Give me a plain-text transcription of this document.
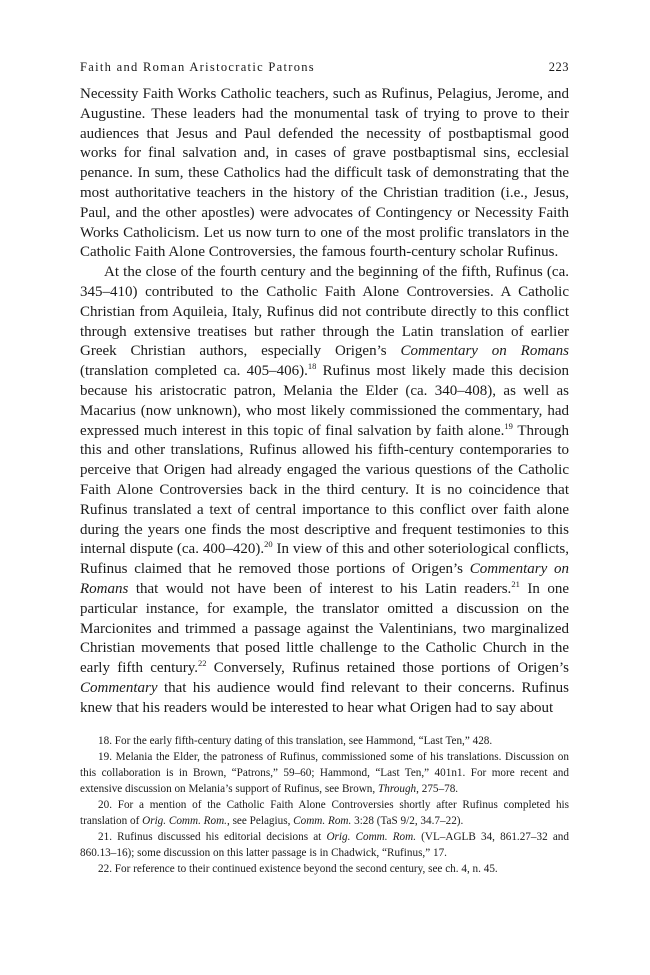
Faith and Roman Aristocratic Patrons	223

Necessity Faith Works Catholic teachers, such as Rufinus, Pelagius, Jerome, and Augustine. These leaders had the monumental task of trying to prove to their audiences that Jesus and Paul defended the necessity of postbaptismal good works for final salvation and, in cases of grave postbaptismal sins, ecclesial penance. In sum, these Catholics had the difficult task of demonstrating that the most authoritative teachers in the history of the Christian tradition (i.e., Jesus, Paul, and the other apostles) were advocates of Contingency or Necessity Faith Works Catholicism. Let us now turn to one of the most prolific translators in the Catholic Faith Alone Controversies, the famous fourth-century scholar Rufinus.

At the close of the fourth century and the beginning of the fifth, Rufinus (ca. 345–410) contributed to the Catholic Faith Alone Controversies. A Catholic Christian from Aquileia, Italy, Rufinus did not contribute directly to this conflict through extensive treatises but rather through the Latin translation of earlier Greek Christian authors, especially Origen’s Commentary on Romans (translation completed ca. 405–406).$^{18}$ Rufinus most likely made this decision because his aristocratic patron, Melania the Elder (ca. 340–408), as well as Macarius (now unknown), who most likely commissioned the commentary, had expressed much interest in this topic of final salvation by faith alone.$^{19}$ Through this and other translations, Rufinus allowed his fifth-century contemporaries to perceive that Origen had already engaged the various questions of the Catholic Faith Alone Controversies back in the third century. It is no coincidence that Rufinus translated a text of central importance to this conflict over faith alone during the years one finds the most descriptive and frequent testimonies to this internal dispute (ca. 400–420).$^{20}$ In view of this and other soteriological conflicts, Rufinus claimed that he removed those portions of Origen’s Commentary on Romans that would not have been of interest to his Latin readers.$^{21}$ In one particular instance, for example, the translator omitted a discussion on the Marcionites and trimmed a passage against the Valentinians, two marginalized Christian movements that posed little challenge to the Catholic Church in the early fifth century.$^{22}$ Conversely, Rufinus retained those portions of Origen’s Commentary that his audience would find relevant to their concerns. Rufinus knew that his readers would be interested to hear what Origen had to say about

18. For the early fifth-century dating of this translation, see Hammond, “Last Ten,” 428.

19. Melania the Elder, the patroness of Rufinus, commissioned some of his translations. Discussion on this collaboration is in Brown, “Patrons,” 59–60; Hammond, “Last Ten,” 401n1. For more recent and extensive discussion on Melania’s support of Rufinus, see Brown, Through, 275–78.

20. For a mention of the Catholic Faith Alone Controversies shortly after Rufinus completed his translation of Orig. Comm. Rom., see Pelagius, Comm. Rom. 3:28 (TaS 9/2, 34.7–22).

21. Rufinus discussed his editorial decisions at Orig. Comm. Rom. (VL–AGLB 34, 861.27–32 and 860.13–16); some discussion on this latter passage is in Chadwick, “Rufinus,” 17.

22. For reference to their continued existence beyond the second century, see ch. 4, n. 45.
